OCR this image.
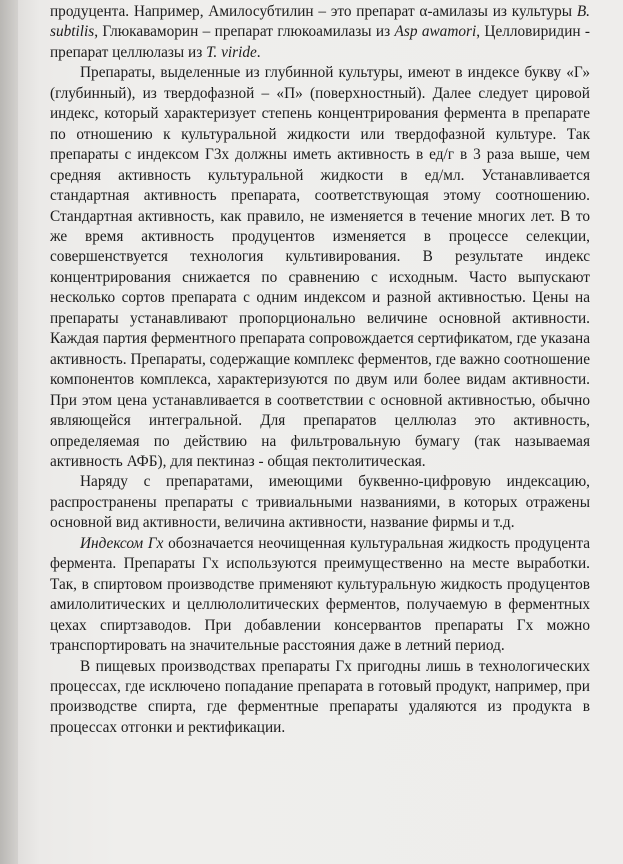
продуцента. Например, Амилосубтилин – это препарат α-амилазы из культуры B. subtilis, Глюкаваморин – препарат глюкоамилазы из Asp awamori, Целловиридин - препарат целлюлазы из T. viride.

Препараты, выделенные из глубинной культуры, имеют в индексе букву «Г» (глубинный), из твердофазной – «П» (поверхностный). Далее следует цировой индекс, который характеризует степень концентрирования фермента в препарате по отношению к культуральной жидкости или твердофазной культуре. Так препараты с индексом Г3х должны иметь активность в ед/г в 3 раза выше, чем средняя активность культуральной жидкости в ед/мл. Устанавливается стандартная активность препарата, соответствующая этому соотношению. Стандартная активность, как правило, не изменяется в течение многих лет. В то же время активность продуцентов изменяется в процессе селекции, совершенствуется технология культивирования. В результате индекс концентрирования снижается по сравнению с исходным. Часто выпускают несколько сортов препарата с одним индексом и разной активностью. Цены на препараты устанавливают пропорционально величине основной активности. Каждая партия ферментного препарата сопровождается сертификатом, где указана активность. Препараты, содержащие комплекс ферментов, где важно соотношение компонентов комплекса, характеризуются по двум или более видам активности. При этом цена устанавливается в соответствии с основной активностью, обычно являющейся интегральной. Для препаратов целлюлаз это активность, определяемая по действию на фильтровальную бумагу (так называемая активность АФБ), для пектиназ - общая пектолитическая.

Наряду с препаратами, имеющими буквенно-цифровую индексацию, распространены препараты с тривиальными названиями, в которых отражены основной вид активности, величина активности, название фирмы и т.д.

Индексом Гх обозначается неочищенная культуральная жидкость продуцента фермента. Препараты Гх используются преимущественно на месте выработки. Так, в спиртовом производстве применяют культуральную жидкость продуцентов амилолитических и целлюлолитических ферментов, получаемую в ферментных цехах спиртзаводов. При добавлении консервантов препараты Гх можно транспортировать на значительные расстояния даже в летний период.

В пищевых производствах препараты Гх пригодны лишь в технологических процессах, где исключено попадание препарата в готовый продукт, например, при производстве спирта, где ферментные препараты удаляются из продукта в процессах отгонки и ректификации.
